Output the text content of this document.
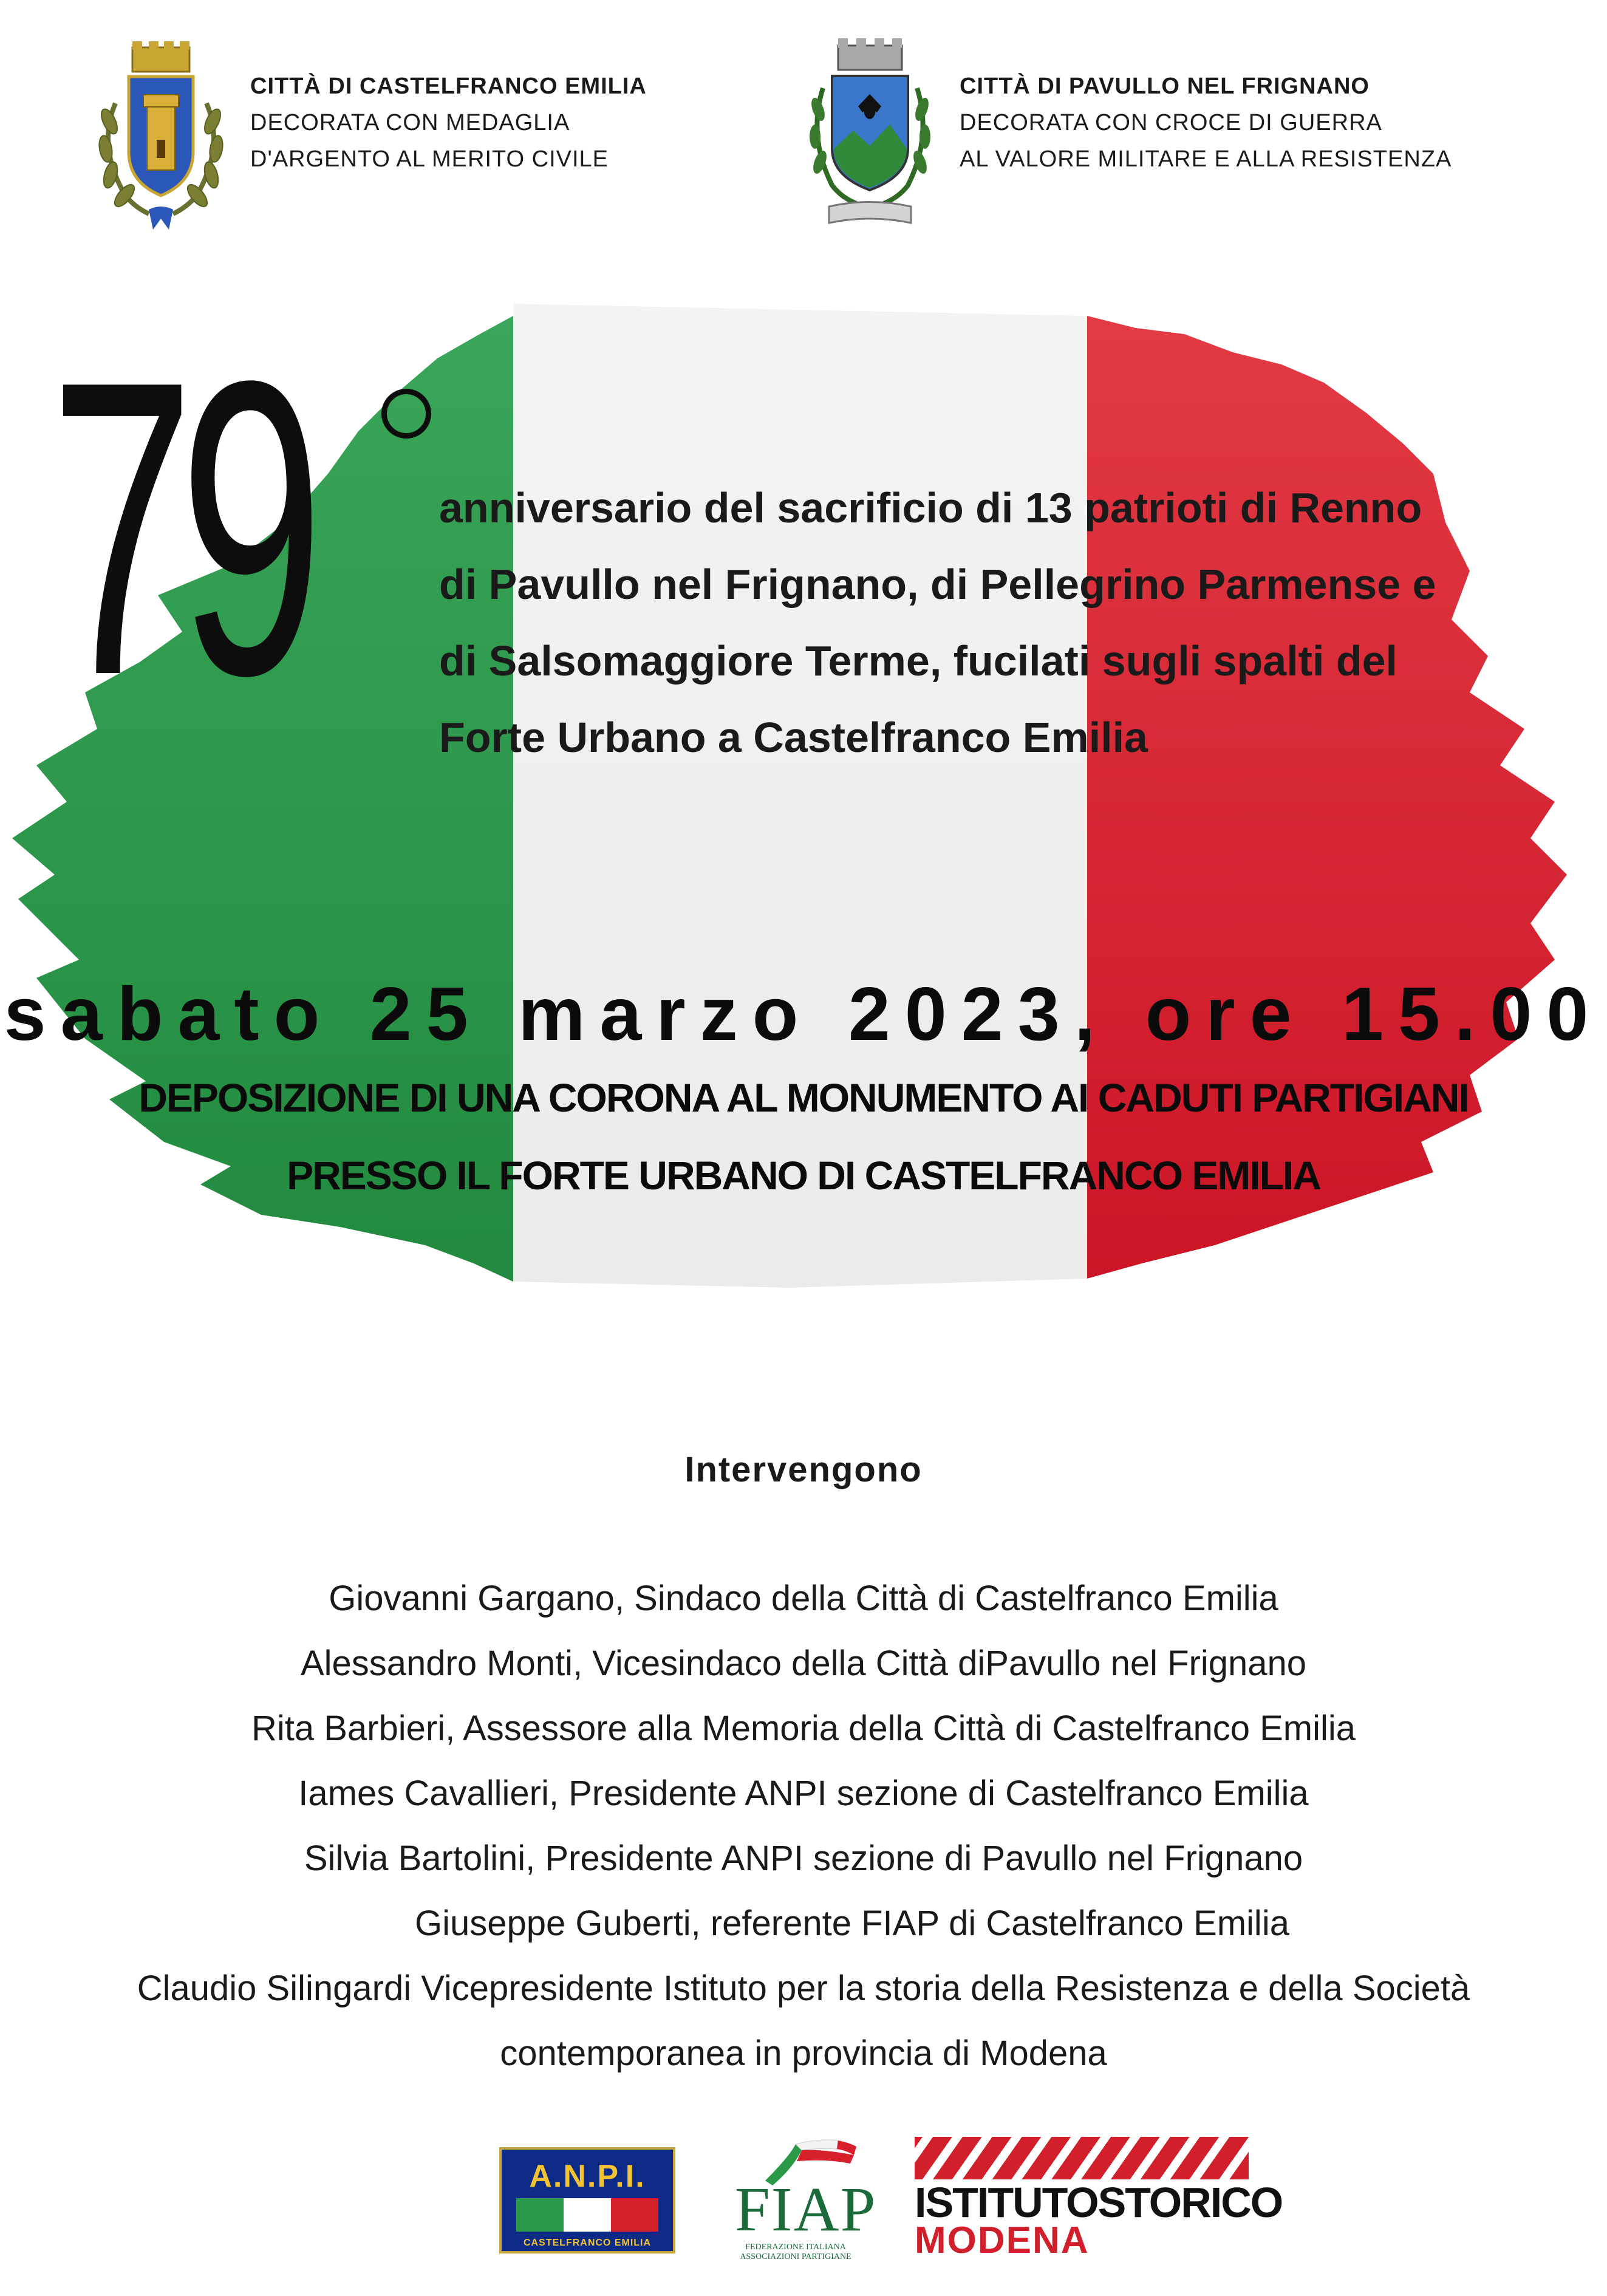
CITTÀ DI CASTELFRANCO EMILIA
DECORATA CON MEDAGLIA
D'ARGENTO AL MERITO CIVILE
CITTÀ DI PAVULLO NEL FRIGNANO
DECORATA CON CROCE DI GUERRA
AL VALORE MILITARE E ALLA RESISTENZA
79	anniversario del sacrificio di 13 patrioti di Renno
di Pavullo nel Frignano, di Pellegrino Parmense e
di Salsomaggiore Terme, fucilati sugli spalti del
Forte Urbano a Castelfranco Emilia
sabato 25 marzo 2023, ore 15.00
DEPOSIZIONE DI UNA CORONA AL MONUMENTO AI CADUTI PARTIGIANI
PRESSO IL FORTE URBANO DI CASTELFRANCO EMILIA
Intervengono
Giovanni Gargano, Sindaco della Città di Castelfranco Emilia
Alessandro Monti, Vicesindaco della Città diPavullo nel Frignano
Rita Barbieri, Assessore alla Memoria della Città di Castelfranco Emilia
Iames Cavallieri, Presidente ANPI sezione di Castelfranco Emilia
Silvia Bartolini, Presidente ANPI sezione di Pavullo nel Frignano
Giuseppe Guberti, referente FIAP di Castelfranco Emilia
Claudio Silingardi Vicepresidente Istituto per la storia della Resistenza e della Società
contemporanea in provincia di Modena
A.N.P.I.
CASTELFRANCO EMILIA	FIAP
FEDERAZIONE ITALIANA
ASSOCIAZIONI PARTIGIANE
ISTITUTOSTORICO
MODENA
